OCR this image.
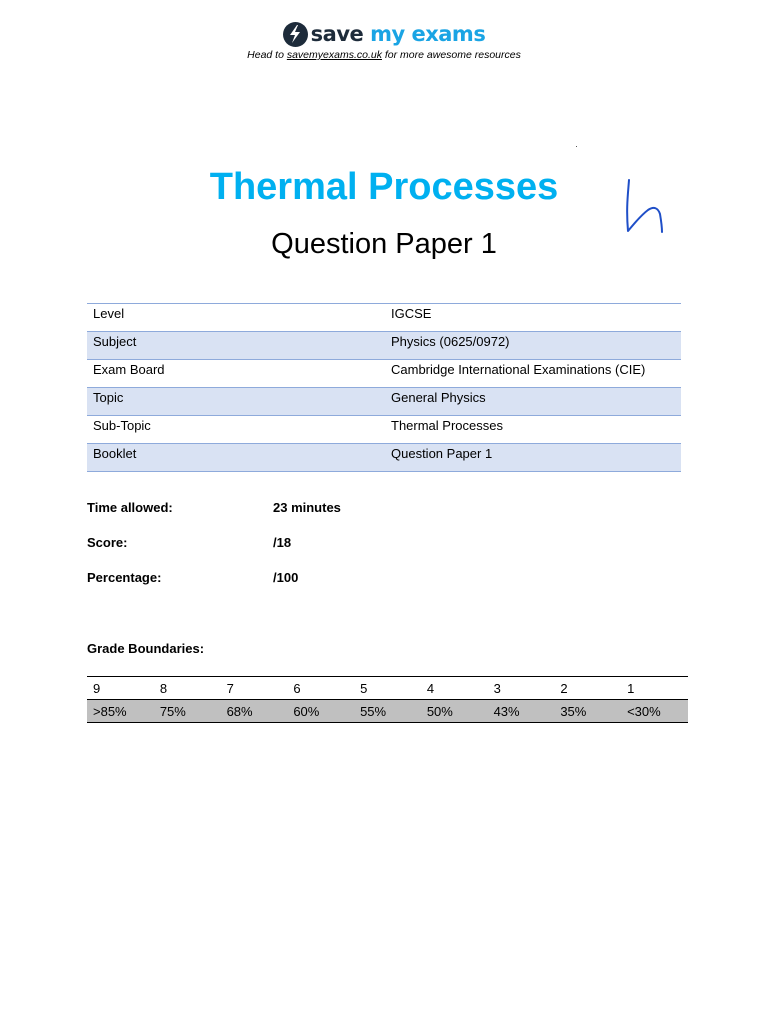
save my exams
Head to savemyexams.co.uk for more awesome resources
Thermal Processes
Question Paper 1
Level	IGCSE
Subject	Physics (0625/0972)
Exam Board	Cambridge International Examinations (CIE)
Topic	General Physics
Sub-Topic	Thermal Processes
Booklet	Question Paper 1
Time allowed:	23 minutes
Score:	/18
Percentage:	/100
Grade Boundaries:
9	8	7	6	5	4	3	2	1
>85%	75%	68%	60%	55%	50%	43%	35%	<30%
